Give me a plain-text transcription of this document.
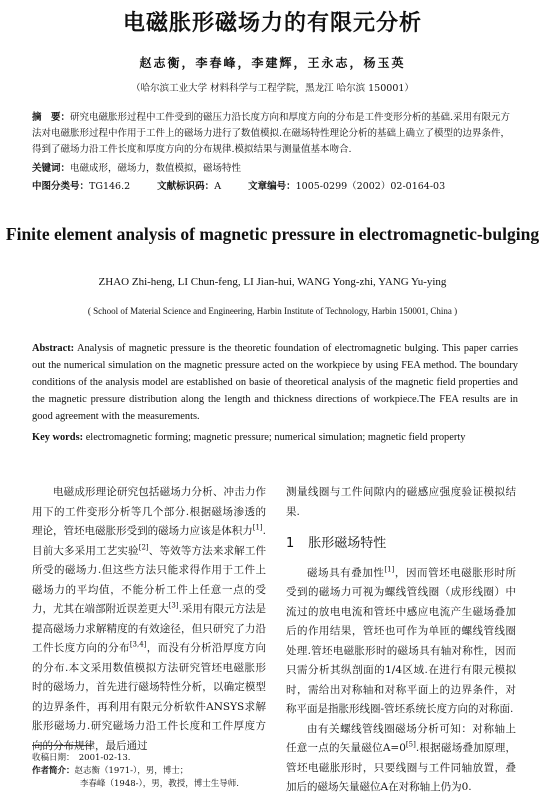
电磁胀形磁场力的有限元分析
赵志衡，李春峰，李建辉，王永志，杨玉英
（哈尔滨工业大学 材料科学与工程学院，黑龙江 哈尔滨 150001）
摘　要：研究电磁胀形过程中工件受到的磁压力沿长度方向和厚度方向的分布是工件变形分析的基础.采用有限元方法对电磁胀形过程中作用于工件上的磁场力进行了数值模拟.在磁场特性理论分析的基础上确立了模型的边界条件，得到了磁场力沿工件长度和厚度方向的分布规律.模拟结果与测量值基本吻合.
关键词：电磁成形，磁场力，数值模拟，磁场特性
中图分类号：TG146.2	文献标识码：A	文章编号：1005-0299（2002）02-0164-03
Finite element analysis of magnetic pressure in electromagnetic-bulging
ZHAO Zhi-heng, LI Chun-feng, LI Jian-hui, WANG Yong-zhi, YANG Yu-ying
( School of Material Science and Engineering, Harbin Institute of Technology, Harbin 150001, China )
Abstract: Analysis of magnetic pressure is the theoretic foundation of electromagnetic bulging. This paper carries out the numerical simulation on the magnetic pressure acted on the workpiece by using FEA method. The boundary conditions of the analysis model are established on basie of theoretical analysis of the magnetic field properties and the magnetic pressure distribution along the length and thickness directions of workpiece.The FEA results are in good agreement with the measurements.
Key words: electromagnetic forming; magnetic pressure; numerical simulation; magnetic field property

电磁成形理论研究包括磁场力分析、冲击力作用下的工件变形分析等几个部分.根据磁场渗透的理论，管坯电磁胀形受到的磁场力应该是体积力[1].目前大多采用工艺实验[2]、等效等方法来求解工件所受的磁场力.但这些方法只能求得作用于工件上磁场力的平均值，不能分析工件上任意一点的受力，尤其在端部附近误差更大[3].采用有限元方法是提高磁场力求解精度的有效途径，但只研究了力沿工件长度方向的分布[3,4]，而没有分析沿厚度方向的分布.本文采用数值模拟方法研究管坯电磁胀形时的磁场力，首先进行磁场特性分析，以确定模型的边界条件，再利用有限元分析软件ANSYS求解胀形磁场力.研究磁场力沿工件长度和工件厚度方向的分布规律，最后通过

测量线圈与工件间隙内的磁感应强度验证模拟结果.

1 胀形磁场特性

磁场具有叠加性[1]，因而管坯电磁胀形时所受到的磁场力可视为螺线管线圈（成形线圈）中流过的放电电流和管坯中感应电流产生磁场叠加后的作用结果，管坯也可作为单匝的螺线管线圈处理.管坯电磁胀形时的磁场具有轴对称性，因而只需分析其纵剖面的1/4区域.在进行有限元模拟时，需给出对称轴和对称平面上的边界条件，对称平面是指胀形线圈-管坯系统长度方向的对称面.

由有关螺线管线圈磁场分析可知：对称轴上任意一点的矢量磁位A=0[5].根据磁场叠加原理，管坯电磁胀形时，只要线圈与工件同轴放置，叠加后的磁场矢量磁位A在对称轴上仍为0.

收稿日期：　2001-02-13.
作者简介：赵志衡（1971-），男，博士；
李春峰（1948-），男，教授，博士生导师.
